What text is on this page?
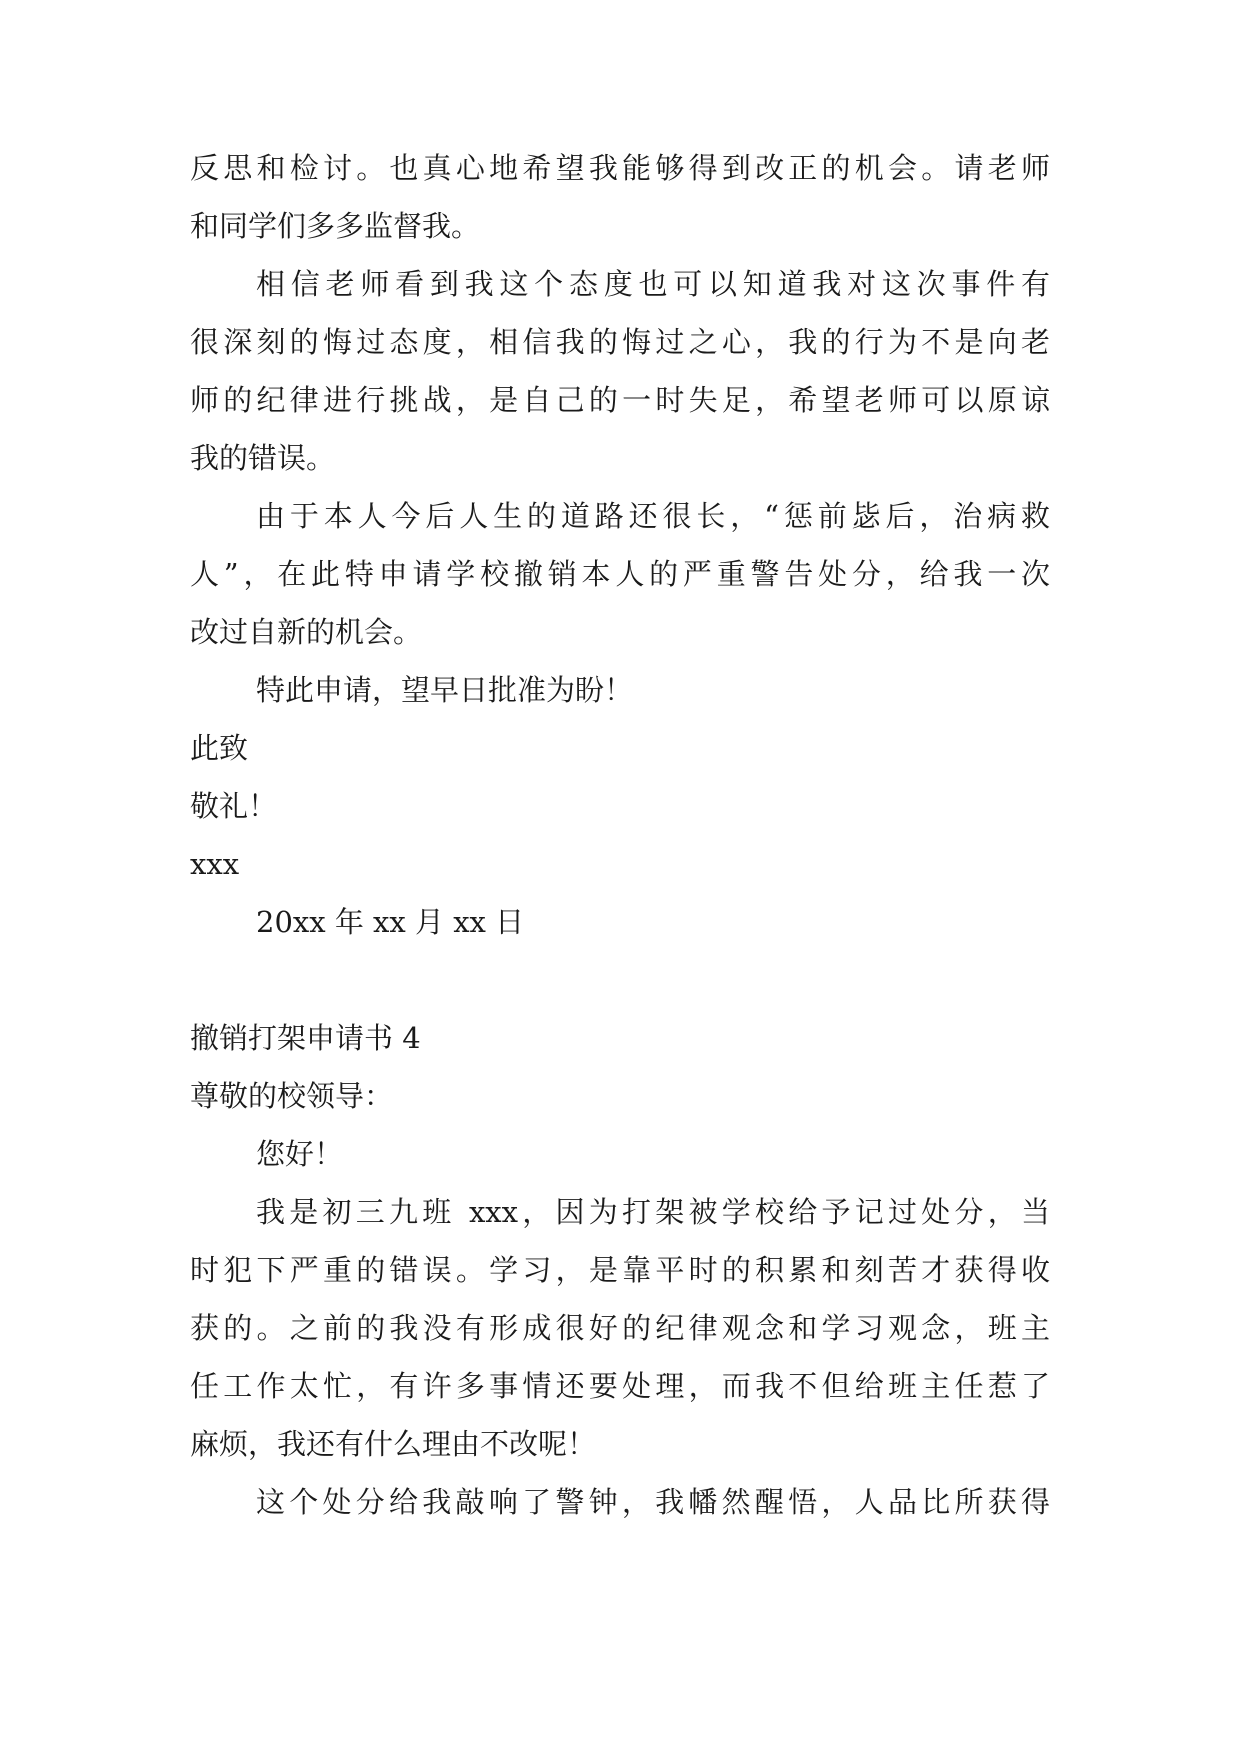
反思和检讨。也真心地希望我能够得到改正的机会。请老师
和同学们多多监督我。
相信老师看到我这个态度也可以知道我对这次事件有
很深刻的悔过态度，相信我的悔过之心，我的行为不是向老
师的纪律进行挑战，是自己的一时失足，希望老师可以原谅
我的错误。
由于本人今后人生的道路还很长，“惩前毖后，治病救
人”，在此特申请学校撤销本人的严重警告处分，给我一次
改过自新的机会。
特此申请，望早日批准为盼！
此致
敬礼！
xxx
20xx 年 xx 月 xx 日
撤销打架申请书 4
尊敬的校领导：
您好！
我是初三九班 xxx，因为打架被学校给予记过处分，当
时犯下严重的错误。学习，是靠平时的积累和刻苦才获得收
获的。之前的我没有形成很好的纪律观念和学习观念，班主
任工作太忙，有许多事情还要处理，而我不但给班主任惹了
麻烦，我还有什么理由不改呢！
这个处分给我敲响了警钟，我幡然醒悟，人品比所获得
